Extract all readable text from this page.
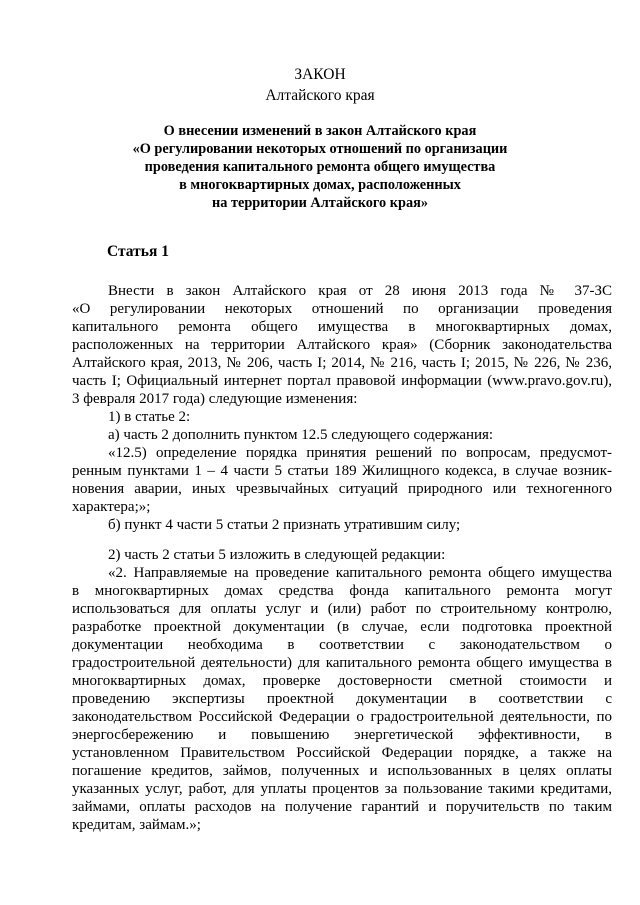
ЗАКОН
Алтайского края
О внесении изменений в закон Алтайского края
«О регулировании некоторых отношений по организации
проведения капитального ремонта общего имущества
в многоквартирных домах, расположенных
на территории Алтайского края»
Статья 1
Внести в закон Алтайского края от 28 июня 2013 года № 37-ЗС
«О регулировании некоторых отношений по организации проведения
капитального ремонта общего имущества в многоквартирных домах,
расположенных на территории Алтайского края» (Сборник законодательства
Алтайского края, 2013, № 206, часть I; 2014, № 216, часть I; 2015, № 226, № 236,
часть I; Официальный интернет портал правовой информации (www.pravo.gov.ru),
3 февраля 2017 года) следующие изменения:
1) в статье 2:
а) часть 2 дополнить пунктом 12.5 следующего содержания:
«12.5) определение порядка принятия решений по вопросам, предусмот-
ренным пунктами 1 – 4 части 5 статьи 189 Жилищного кодекса, в случае возник-
новения аварии, иных чрезвычайных ситуаций природного или техногенного
характера;»;
б) пункт 4 части 5 статьи 2 признать утратившим силу;
2) часть 2 статьи 5 изложить в следующей редакции:
«2. Направляемые на проведение капитального ремонта общего имущества
в многоквартирных домах средства фонда капитального ремонта могут
использоваться для оплаты услуг и (или) работ по строительному контролю,
разработке проектной документации (в случае, если подготовка проектной
документации необходима в соответствии с законодательством о
градостроительной деятельности) для капитального ремонта общего имущества в
многоквартирных домах, проверке достоверности сметной стоимости и
проведению экспертизы проектной документации в соответствии с
законодательством Российской Федерации о градостроительной деятельности, по
энергосбережению и повышению энергетической эффективности, в
установленном Правительством Российской Федерации порядке, а также на
погашение кредитов, займов, полученных и использованных в целях оплаты
указанных услуг, работ, для уплаты процентов за пользование такими кредитами,
займами, оплаты расходов на получение гарантий и поручительств по таким
кредитам, займам.»;
